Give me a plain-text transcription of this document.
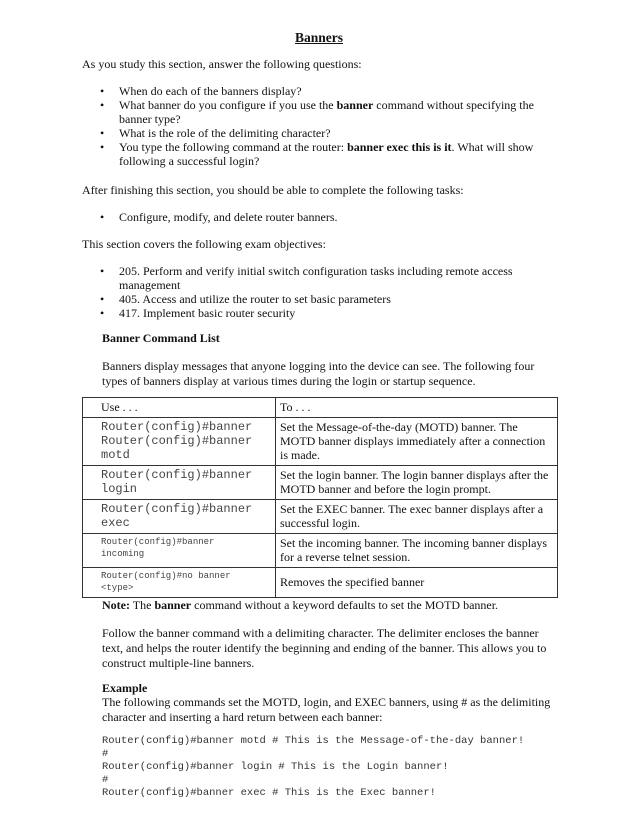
Banners
As you study this section, answer the following questions:
• When do each of the banners display?
• What banner do you configure if you use the banner command without specifying the banner type?
• What is the role of the delimiting character?
• You type the following command at the router: banner exec this is it. What will show following a successful login?
After finishing this section, you should be able to complete the following tasks:
• Configure, modify, and delete router banners.
This section covers the following exam objectives:
• 205. Perform and verify initial switch configuration tasks including remote access management
• 405. Access and utilize the router to set basic parameters
• 417. Implement basic router security
Banner Command List
Banners display messages that anyone logging into the device can see. The following four types of banners display at various times during the login or startup sequence.
Use . . .	To . . .
Router(config)#banner
Router(config)#banner
motd	Set the Message-of-the-day (MOTD) banner. The MOTD banner displays immediately after a connection is made.
Router(config)#banner
login	Set the login banner. The login banner displays after the MOTD banner and before the login prompt.
Router(config)#banner
exec	Set the EXEC banner. The exec banner displays after a successful login.
Router(config)#banner
incoming	Set the incoming banner. The incoming banner displays for a reverse telnet session.
Router(config)#no banner
<type>	Removes the specified banner
Note: The banner command without a keyword defaults to set the MOTD banner.
Follow the banner command with a delimiting character. The delimiter encloses the banner text, and helps the router identify the beginning and ending of the banner. This allows you to construct multiple-line banners.
Example
The following commands set the MOTD, login, and EXEC banners, using # as the delimiting character and inserting a hard return between each banner:
Router(config)#banner motd # This is the Message-of-the-day banner!
#
Router(config)#banner login # This is the Login banner!
#
Router(config)#banner exec # This is the Exec banner!
